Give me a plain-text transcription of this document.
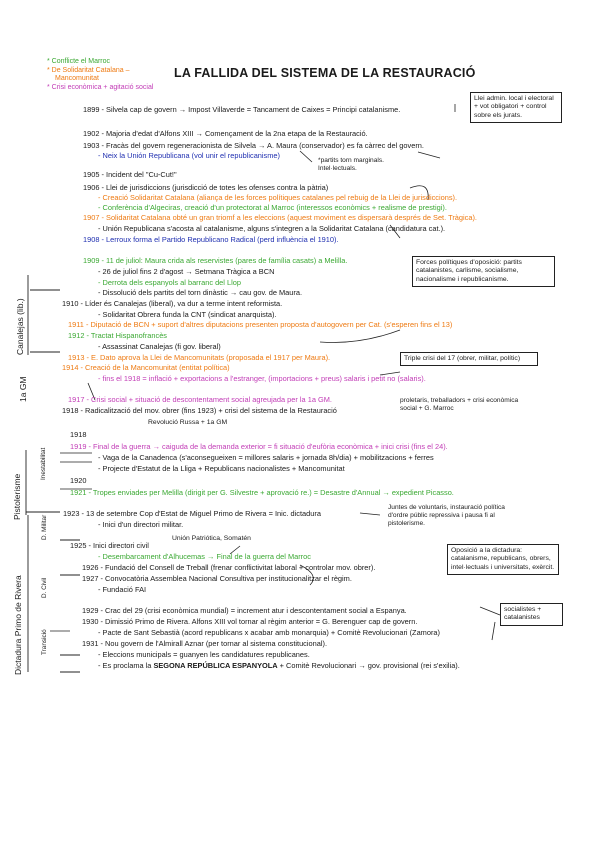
LA FALLIDA DEL SISTEMA DE LA RESTAURACIÓ
* Conflicte el Marroc
* De Solidaritat Catalana –
Mancomunitat
* Crisi econòmica + agitació social
1899 - Silvela cap de govern → Impost Villaverde = Tancament de Caixes = Principi catalanisme.
1902 - Majoria d'edat d'Alfons XIII → Començament de la 2na etapa de la Restauració.
1903 - Fracàs del govern regeneracionista de Silvela → A. Maura (conservador) es fa càrrec del govern.
- Neix la Unión Republicana (vol unir el republicanisme)
1905 - Incident del "Cu-Cut!"
1906 - Llei de jurisdiccions (jurisdicció de totes les ofenses contra la pàtria)
- Creació Solidaritat Catalana (aliança de les forces polítiques catalanes pel rebuig de la Llei de jurisdiccions).
- Conferència d'Algeciras, creació d'un protectorat al Marroc (interessos econòmics + realisme de prestigi).
1907 - Solidaritat Catalana obté un gran triomf a les eleccions (aquest moviment es dispersarà després de Set. Tràgica).
- Unión Republicana s'acosta al catalanisme, alguns s'integren a la Solidaritat Catalana (candidatura cat.).
1908 - Lerroux forma el Partido Republicano Radical (perd influència el 1910).
1909 - 11 de juliol: Maura crida als reservistes (pares de família casats) a Melilla.
- 26 de juliol fins 2 d'agost → Setmana Tràgica a BCN
- Derrota dels espanyols al barranc del Llop
- Dissolució dels partits del torn dinàstic → cau gov. de Maura.
1910 - Líder és Canalejas (liberal), va dur a terme intent reformista.
- Solidaritat Obrera funda la CNT (sindicat anarquista).
1911 - Diputació de BCN + suport d'altres diputacions presenten proposta d'autogovern per Cat. (s'esperen fins el 13)
1912 - Tractat Hispanofrancès
- Assassinat Canalejas (fi gov. liberal)
1913 - E. Dato aprova la Llei de Mancomunitats (proposada el 1917 per Maura).
1914 - Creació de la Mancomunitat (entitat política)
- fins el 1918 = inflació + exportacions a l'estranger, (importacions + preus) salaris i petit no (salaris).
1917 - Crisi social + situació de descontentament social agreujada per la 1a GM.
1918 - Radicalització del mov. obrer (fins 1923) + crisi del sistema de la Restauració
1918
1919 - Final de la guerra → caiguda de la demanda exterior = fi situació d'eufòria econòmica + inici crisi (fins el 24).
- Vaga de la Canadenca (s'aconsegueixen = millores salaris + jornada 8h/dia) + mobilitzacions + ferres
- Projecte d'Estatut de la Lliga + Republicans nacionalistes + Mancomunitat
1920
1921 - Tropes enviades per Melilla (dirigit per G. Silvestre + aprovació re.) = Desastre d'Annual → expedient Picasso.
1923 - 13 de setembre Cop d'Estat de Miguel Primo de Rivera = Inic. dictadura
- Inici d'un directori militar.
1925 - Inici directori civil
- Desembarcament d'Alhucemas → Final de la guerra del Marroc
1926 - Fundació del Consell de Treball (frenar conflictivitat laboral + controlar mov. obrer).
1927 - Convocatòria Assemblea Nacional Consultiva per institucionalitzar el règim.
- Fundació FAI
1929 - Crac del 29 (crisi econòmica mundial) = increment atur i descontentament social a Espanya.
1930 - Dimissió Primo de Rivera. Alfons XIII vol tornar al règim anterior = G. Berenguer cap de govern.
- Pacte de Sant Sebastià (acord republicans x acabar amb monarquia) + Comitè Revolucionari (Zamora)
1931 - Nou govern de l'Almirall Aznar (per tornar al sistema constitucional).
- Eleccions municipals = guanyen les candidatures republicanes.
- Es proclama la SEGONA REPÚBLICA ESPANYOLA + Comitè Revolucionari → gov. provisional (rei s'exilia).
Llei admin. local i electoral + vot obligatori + control sobre els jurats.
*partits torn marginals. Intel·lectuals.
Forces polítiques d'oposició: partits catalanistes, carlisme, socialisme, nacionalisme i republicanisme.
Triple crisi del 17 (obrer, militar, polític)
proletaris, treballadors + crisi econòmica social + G. Marroc
Revolució Russa + 1a GM
Juntes de voluntaris, instauració política d'ordre públic repressiva i pausa fi al pistolerisme.
Unión Patriótica, Somatén
Oposició a la dictadura: catalanisme, republicans, obrers, intel·lectuals i universitats, exèrcit.
socialistes + catalanistes
Canalejas (lib.)
1a GM
Pistolerisme
Inestabilitat
Dictadura Primo de Rivera
D. Militar
D. Civil
Transició
